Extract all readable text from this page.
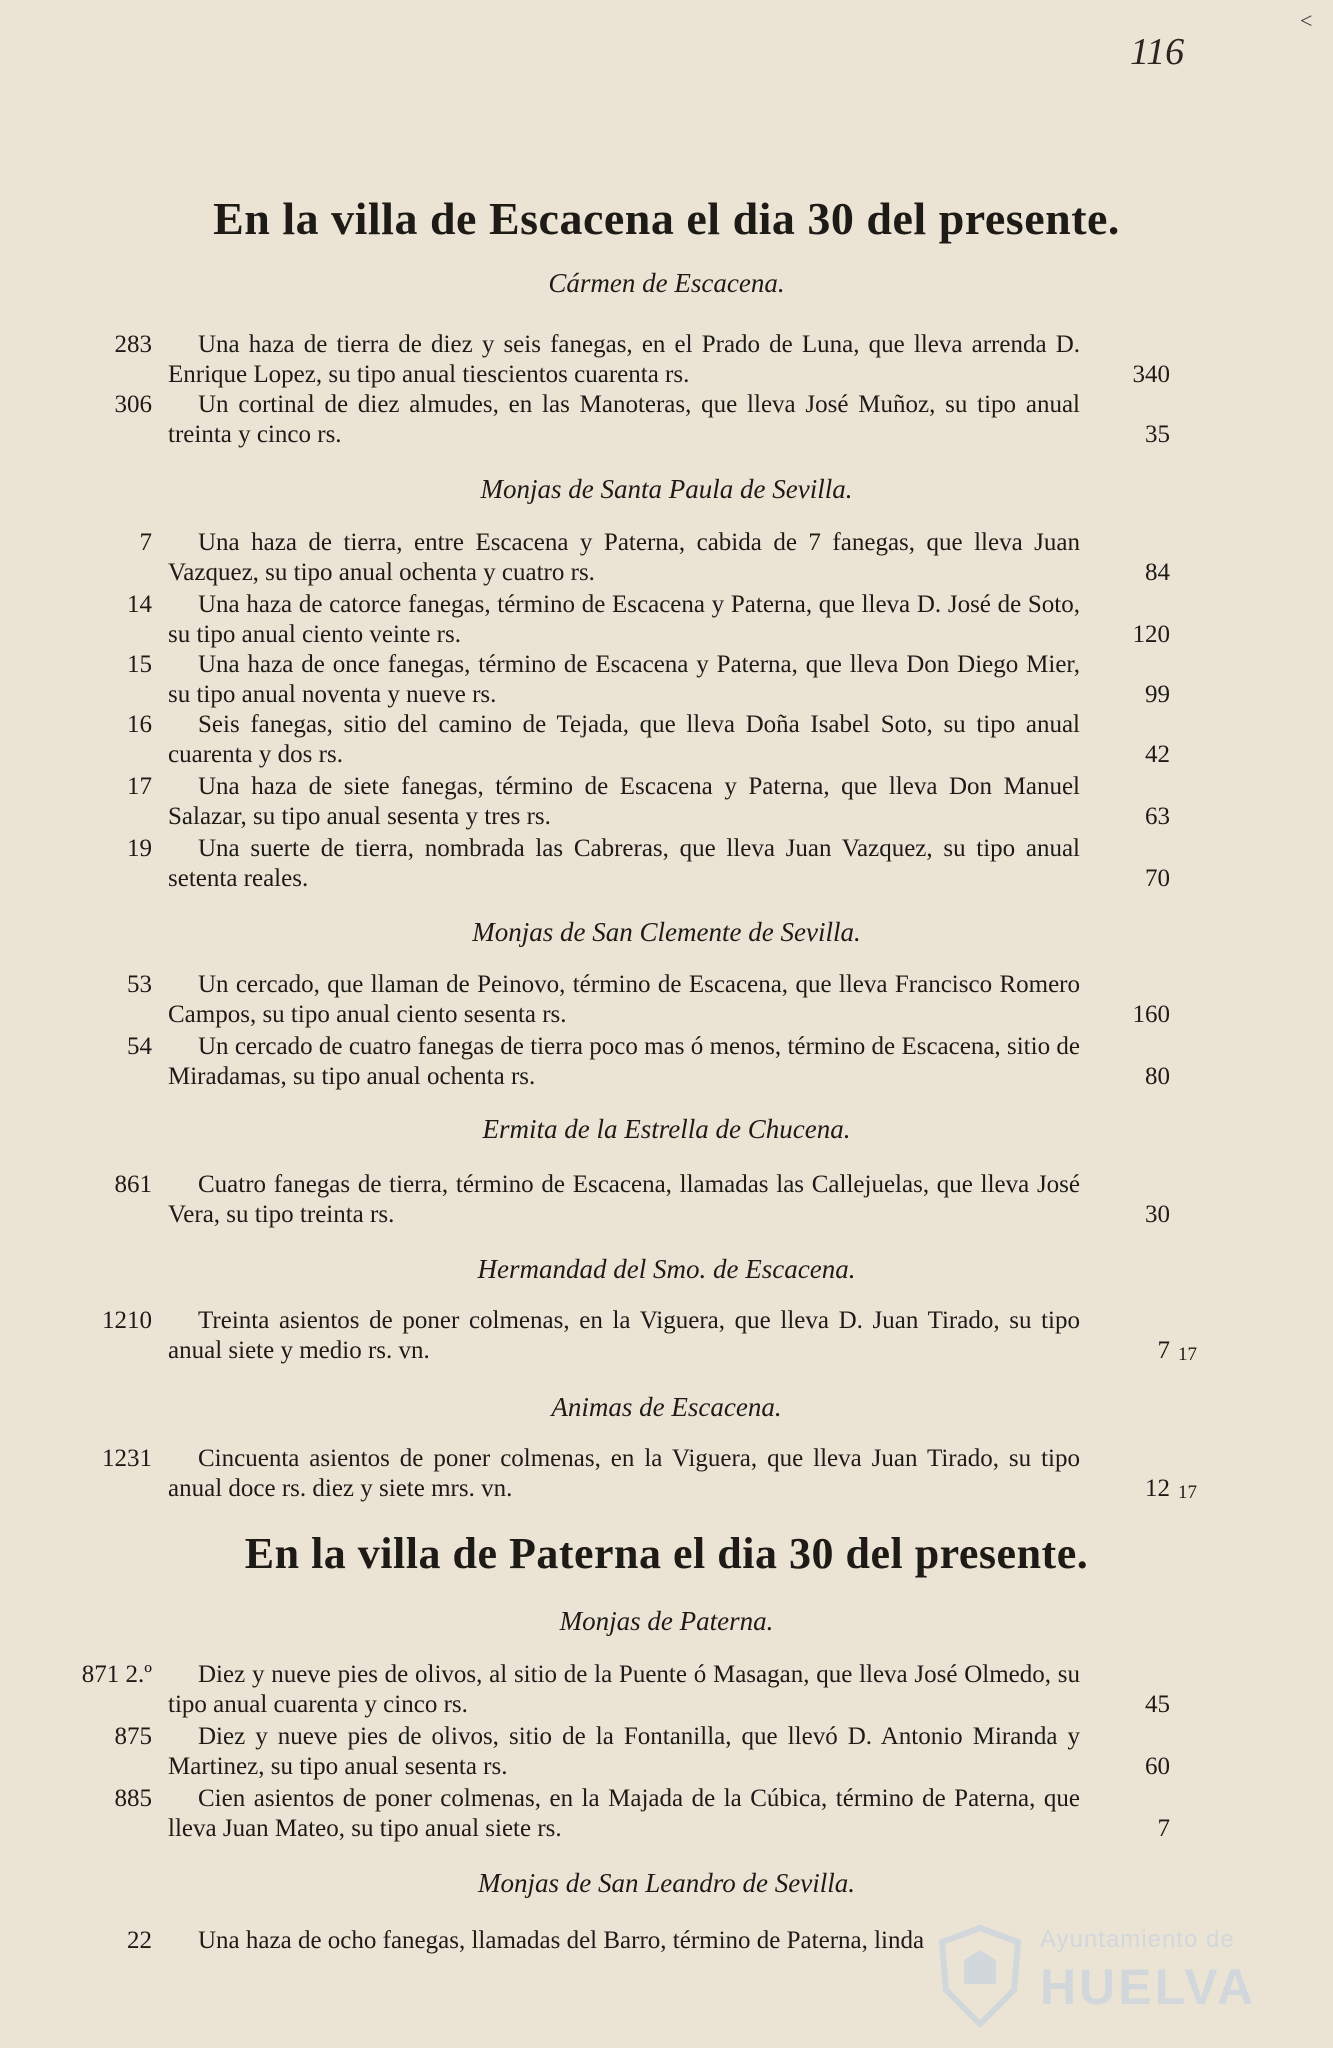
116
<
En la villa de Escacena el dia 30 del presente.
Cármen de Escacena.
283	Una haza de tierra de diez y seis fanegas, en el Prado de Luna, que lleva arrenda D. Enrique Lopez, su tipo anual tiescientos cuarenta rs.	340
306	Un cortinal de diez almudes, en las Manoteras, que lleva José Muñoz, su tipo anual treinta y cinco rs.	35
Monjas de Santa Paula de Sevilla.
7	Una haza de tierra, entre Escacena y Paterna, cabida de 7 fanegas, que lleva Juan Vazquez, su tipo anual ochenta y cuatro rs.	84
14	Una haza de catorce fanegas, término de Escacena y Paterna, que lleva D. José de Soto, su tipo anual ciento veinte rs.	120
15	Una haza de once fanegas, término de Escacena y Paterna, que lleva Don Diego Mier, su tipo anual noventa y nueve rs.	99
16	Seis fanegas, sitio del camino de Tejada, que lleva Doña Isabel Soto, su tipo anual cuarenta y dos rs.	42
17	Una haza de siete fanegas, término de Escacena y Paterna, que lleva Don Manuel Salazar, su tipo anual sesenta y tres rs.	63
19	Una suerte de tierra, nombrada las Cabreras, que lleva Juan Vazquez, su tipo anual setenta reales.	70
Monjas de San Clemente de Sevilla.
53	Un cercado, que llaman de Peinovo, término de Escacena, que lleva Francisco Romero Campos, su tipo anual ciento sesenta rs.	160
54	Un cercado de cuatro fanegas de tierra poco mas ó menos, término de Escacena, sitio de Miradamas, su tipo anual ochenta rs.	80
Ermita de la Estrella de Chucena.
861	Cuatro fanegas de tierra, término de Escacena, llamadas las Callejuelas, que lleva José Vera, su tipo treinta rs.	30
Hermandad del Smo. de Escacena.
1210	Treinta asientos de poner colmenas, en la Viguera, que lleva D. Juan Tirado, su tipo anual siete y medio rs. vn.	7 17
Animas de Escacena.
1231	Cincuenta asientos de poner colmenas, en la Viguera, que lleva Juan Tirado, su tipo anual doce rs. diez y siete mrs. vn.	12 17
En la villa de Paterna el dia 30 del presente.
Monjas de Paterna.
871 2.º	Diez y nueve pies de olivos, al sitio de la Puente ó Masagan, que lleva José Olmedo, su tipo anual cuarenta y cinco rs.	45
875	Diez y nueve pies de olivos, sitio de la Fontanilla, que llevó D. Antonio Miranda y Martinez, su tipo anual sesenta rs.	60
885	Cien asientos de poner colmenas, en la Majada de la Cúbica, término de Paterna, que lleva Juan Mateo, su tipo anual siete rs.	7
Monjas de San Leandro de Sevilla.
22	Una haza de ocho fanegas, llamadas del Barro, término de Paterna, linda	Ayuntamiento de
HUELVA
